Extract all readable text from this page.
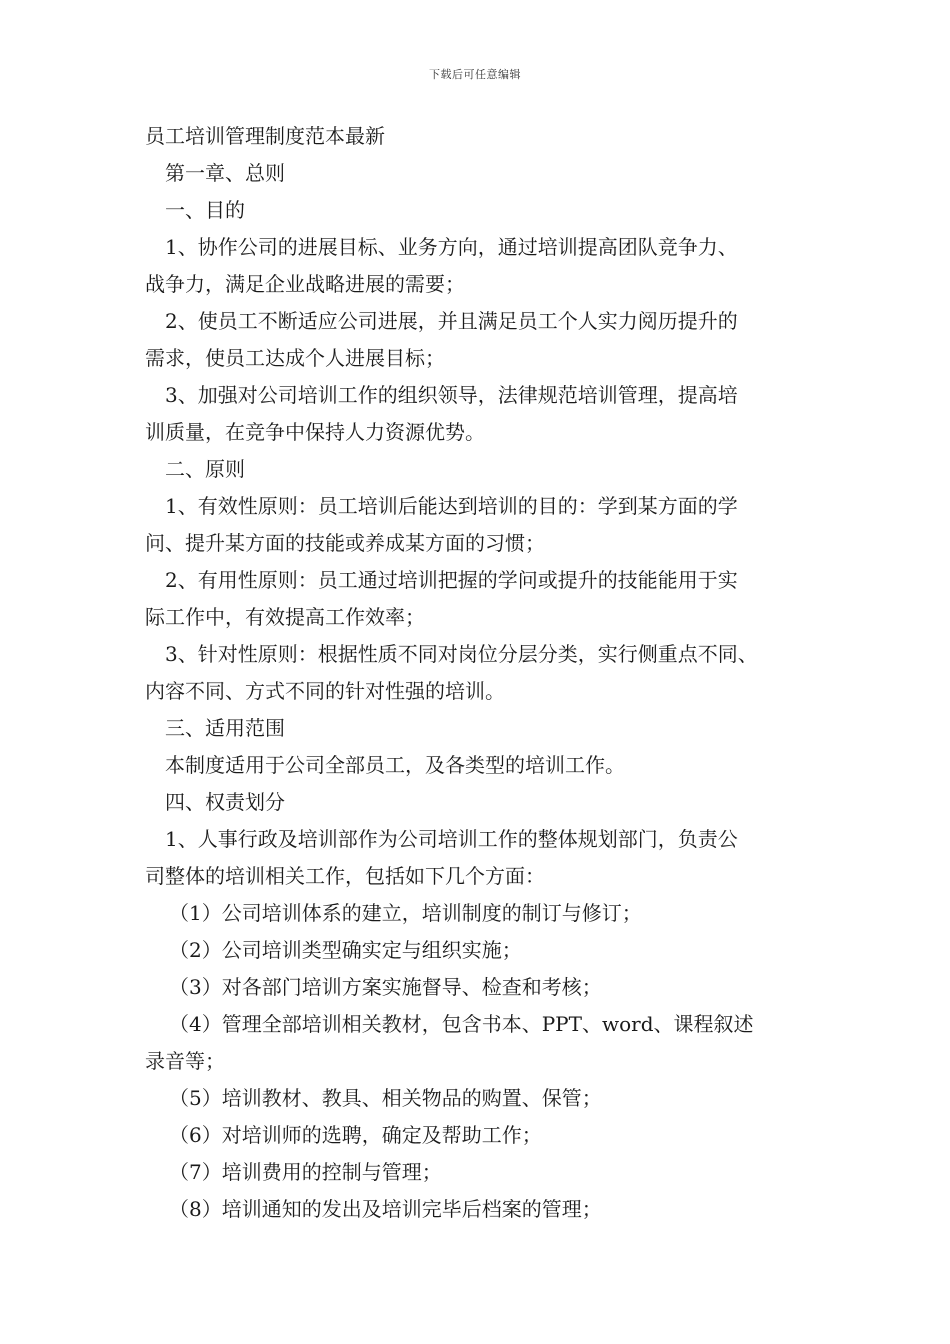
下载后可任意编辑
员工培训管理制度范本最新
第一章、总则
一、目的
1、协作公司的进展目标、业务方向，通过培训提高团队竞争力、
战争力，满足企业战略进展的需要；
2、使员工不断适应公司进展，并且满足员工个人实力阅历提升的
需求，使员工达成个人进展目标；
3、加强对公司培训工作的组织领导，法律规范培训管理，提高培
训质量，在竞争中保持人力资源优势。
二、原则
1、有效性原则：员工培训后能达到培训的目的：学到某方面的学
问、提升某方面的技能或养成某方面的习惯；
2、有用性原则：员工通过培训把握的学问或提升的技能能用于实
际工作中，有效提高工作效率；
3、针对性原则：根据性质不同对岗位分层分类，实行侧重点不同、
内容不同、方式不同的针对性强的培训。
三、适用范围
本制度适用于公司全部员工，及各类型的培训工作。
四、权责划分
1、人事行政及培训部作为公司培训工作的整体规划部门，负责公
司整体的培训相关工作，包括如下几个方面：
（1）公司培训体系的建立，培训制度的制订与修订；
（2）公司培训类型确实定与组织实施；
（3）对各部门培训方案实施督导、检查和考核；
（4）管理全部培训相关教材，包含书本、PPT、word、课程叙述
录音等；
（5）培训教材、教具、相关物品的购置、保管；
（6）对培训师的选聘，确定及帮助工作；
（7）培训费用的控制与管理；
（8）培训通知的发出及培训完毕后档案的管理；
